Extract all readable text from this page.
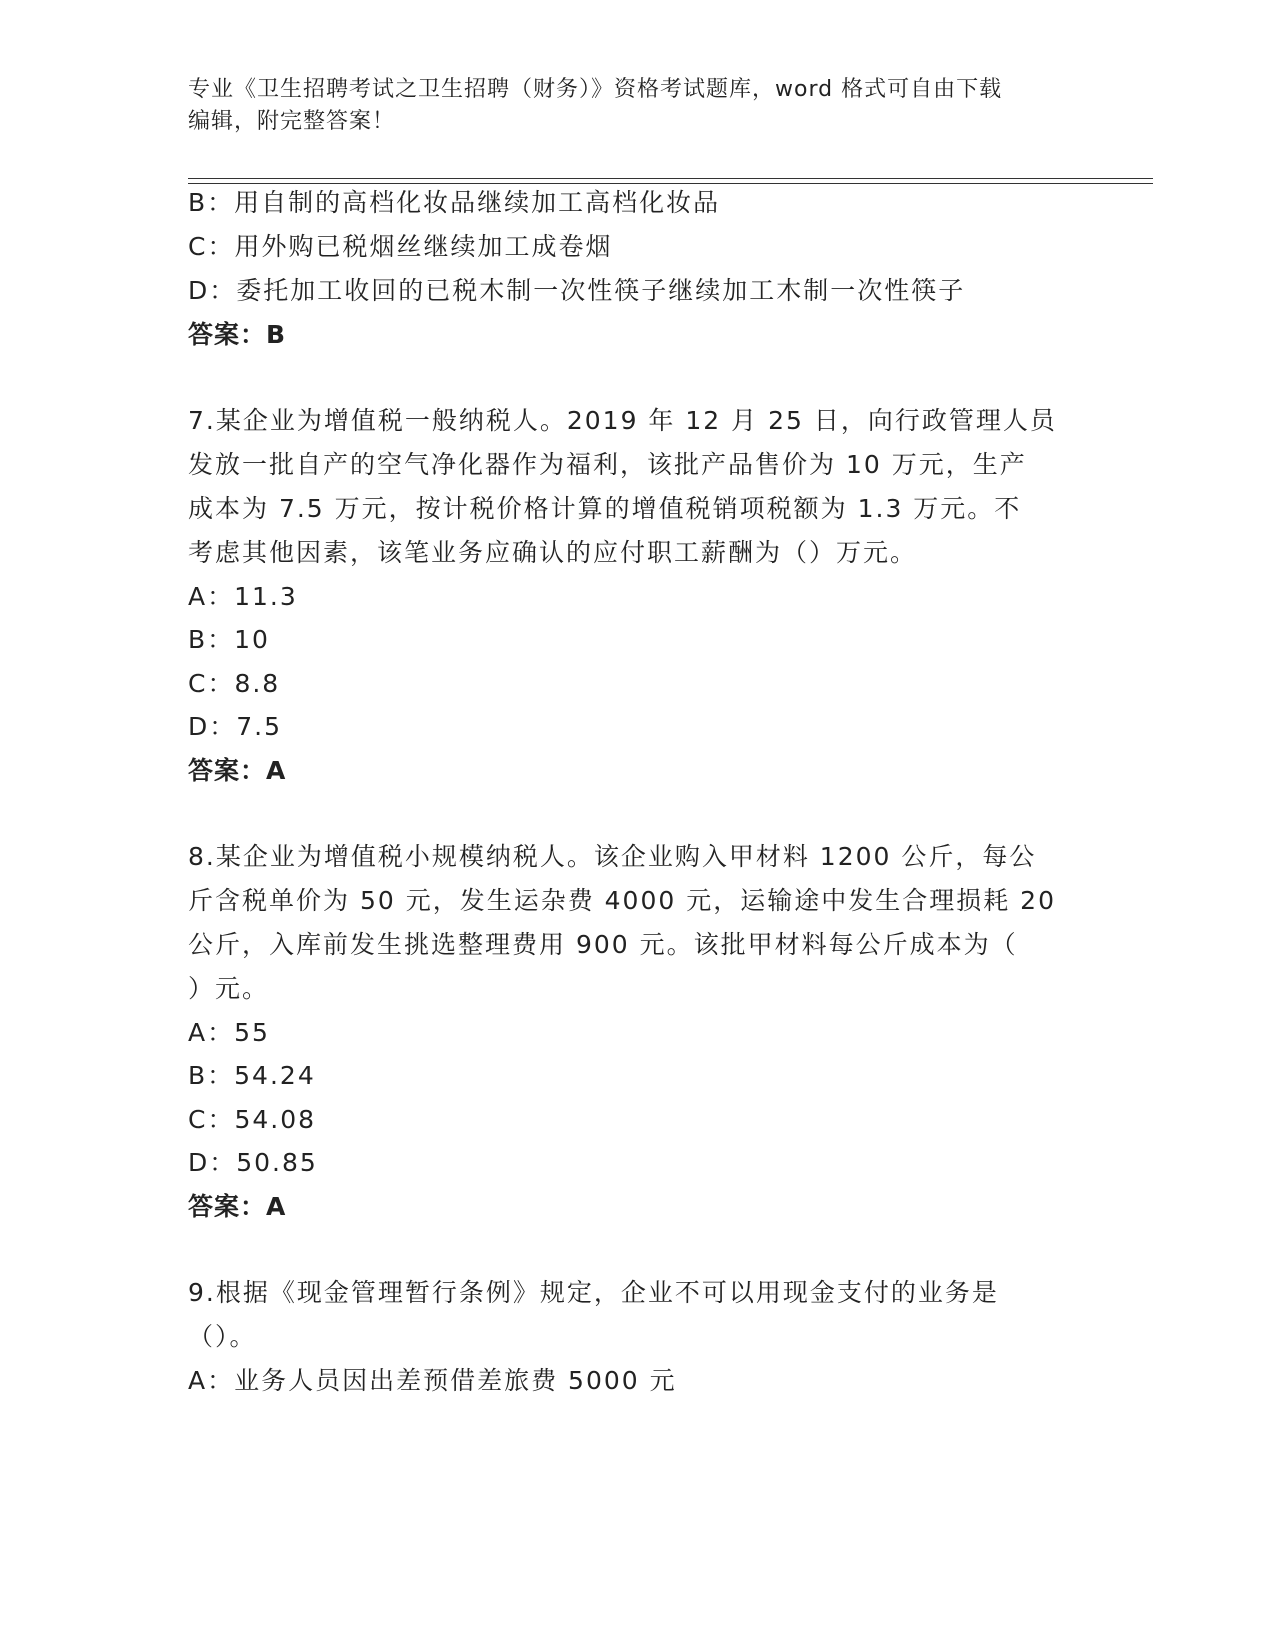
专业《卫生招聘考试之卫生招聘（财务）》资格考试题库，word 格式可自由下载
编辑，附完整答案！
B：用自制的高档化妆品继续加工高档化妆品
C：用外购已税烟丝继续加工成卷烟
D：委托加工收回的已税木制一次性筷子继续加工木制一次性筷子
答案：B
7.某企业为增值税一般纳税人。2019 年 12 月 25 日，向行政管理人员
发放一批自产的空气净化器作为福利，该批产品售价为 10 万元，生产
成本为 7.5 万元，按计税价格计算的增值税销项税额为 1.3 万元。不
考虑其他因素，该笔业务应确认的应付职工薪酬为（）万元。
A：11.3
B：10
C：8.8
D：7.5
答案：A
8.某企业为增值税小规模纳税人。该企业购入甲材料 1200 公斤，每公
斤含税单价为 50 元，发生运杂费 4000 元，运输途中发生合理损耗 20
公斤，入库前发生挑选整理费用 900 元。该批甲材料每公斤成本为（
）元。
A：55
B：54.24
C：54.08
D：50.85
答案：A
9.根据《现金管理暂行条例》规定，企业不可以用现金支付的业务是
（）。
A：业务人员因出差预借差旅费 5000 元
